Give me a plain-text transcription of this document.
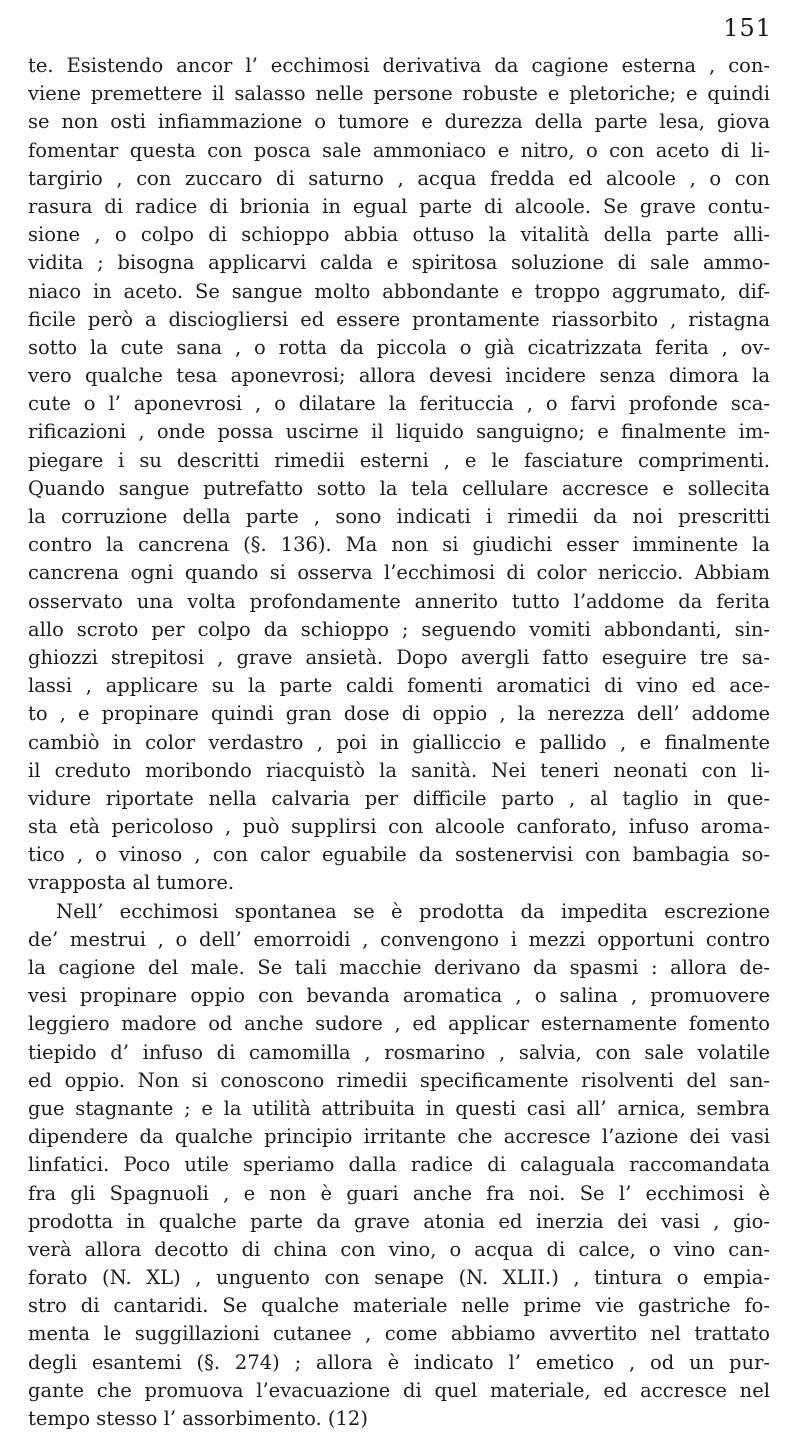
151
te. Esistendo ancor l’ ecchimosi derivativa da cagione esterna , con-
viene premettere il salasso nelle persone robuste e pletoriche; e quindi
se non osti infiammazione o tumore e durezza della parte lesa, giova
fomentar questa con posca sale ammoniaco e nitro, o con aceto di li-
targirio , con zuccaro di saturno , acqua fredda ed alcoole , o con
rasura di radice di brionia in egual parte di alcoole. Se grave contu-
sione , o colpo di schioppo abbia ottuso la vitalità della parte alli-
vidita ; bisogna applicarvi calda e spiritosa soluzione di sale ammo-
niaco in aceto. Se sangue molto abbondante e troppo aggrumato, dif-
ficile però a disciogliersi ed essere prontamente riassorbito , ristagna
sotto la cute sana , o rotta da piccola o già cicatrizzata ferita , ov-
vero qualche tesa aponevrosi; allora devesi incidere senza dimora la
cute o l’ aponevrosi , o dilatare la ferituccia , o farvi profonde sca-
rificazioni , onde possa uscirne il liquido sanguigno; e finalmente im-
piegare i su descritti rimedii esterni , e le fasciature comprimenti.
Quando sangue putrefatto sotto la tela cellulare accresce e sollecita
la corruzione della parte , sono indicati i rimedii da noi prescritti
contro la cancrena (§. 136). Ma non si giudichi esser imminente la
cancrena ogni quando si osserva l’ecchimosi di color nericcio. Abbiam
osservato una volta profondamente annerito tutto l’addome da ferita
allo scroto per colpo da schioppo ; seguendo vomiti abbondanti, sin-
ghiozzi strepitosi , grave ansietà. Dopo avergli fatto eseguire tre sa-
lassi , applicare su la parte caldi fomenti aromatici di vino ed ace-
to , e propinare quindi gran dose di oppio , la nerezza dell’ addome
cambiò in color verdastro , poi in gialliccio e pallido , e finalmente
il creduto moribondo riacquistò la sanità. Nei teneri neonati con li-
vidure riportate nella calvaria per difficile parto , al taglio in que-
sta età pericoloso , può supplirsi con alcoole canforato, infuso aroma-
tico , o vinoso , con calor eguabile da sostenervisi con bambagia so-
vrapposta al tumore.
Nell’ ecchimosi spontanea se è prodotta da impedita escrezione
de’ mestrui , o dell’ emorroidi , convengono i mezzi opportuni contro
la cagione del male. Se tali macchie derivano da spasmi : allora de-
vesi propinare oppio con bevanda aromatica , o salina , promuovere
leggiero madore od anche sudore , ed applicar esternamente fomento
tiepido d’ infuso di camomilla , rosmarino , salvia, con sale volatile
ed oppio. Non si conoscono rimedii specificamente risolventi del san-
gue stagnante ; e la utilità attribuita in questi casi all’ arnica, sembra
dipendere da qualche principio irritante che accresce l’azione dei vasi
linfatici. Poco utile speriamo dalla radice di calaguala raccomandata
fra gli Spagnuoli , e non è guari anche fra noi. Se l’ ecchimosi è
prodotta in qualche parte da grave atonia ed inerzia dei vasi , gio-
verà allora decotto di china con vino, o acqua di calce, o vino can-
forato (N. XL) , unguento con senape (N. XLII.) , tintura o empia-
stro di cantaridi. Se qualche materiale nelle prime vie gastriche fo-
menta le suggillazioni cutanee , come abbiamo avvertito nel trattato
degli esantemi (§. 274) ; allora è indicato l’ emetico , od un pur-
gante che promuova l’evacuazione di quel materiale, ed accresce nel
tempo stesso l’ assorbimento. (12)
